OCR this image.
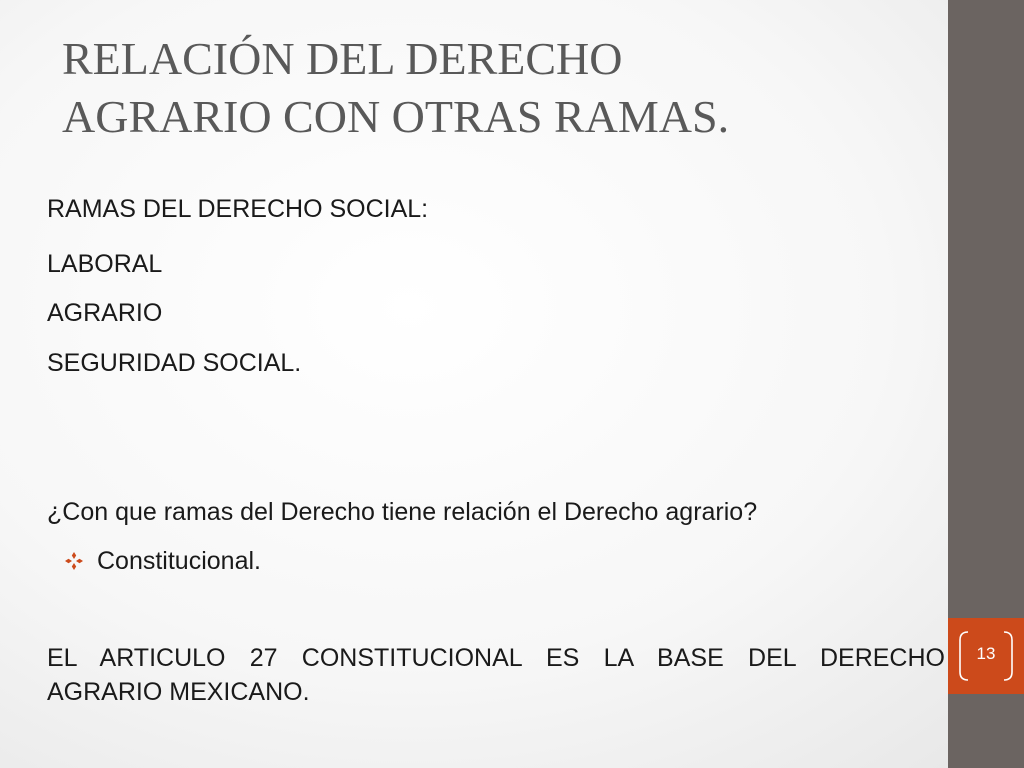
RELACIÓN DEL DERECHO
AGRARIO CON OTRAS RAMAS.
RAMAS DEL DERECHO SOCIAL:
LABORAL
AGRARIO
SEGURIDAD SOCIAL.
¿Con que ramas del Derecho tiene relación el Derecho agrario?
Constitucional.
EL ARTICULO 27 CONSTITUCIONAL ES LA BASE DEL DERECHO
AGRARIO MEXICANO.
13
